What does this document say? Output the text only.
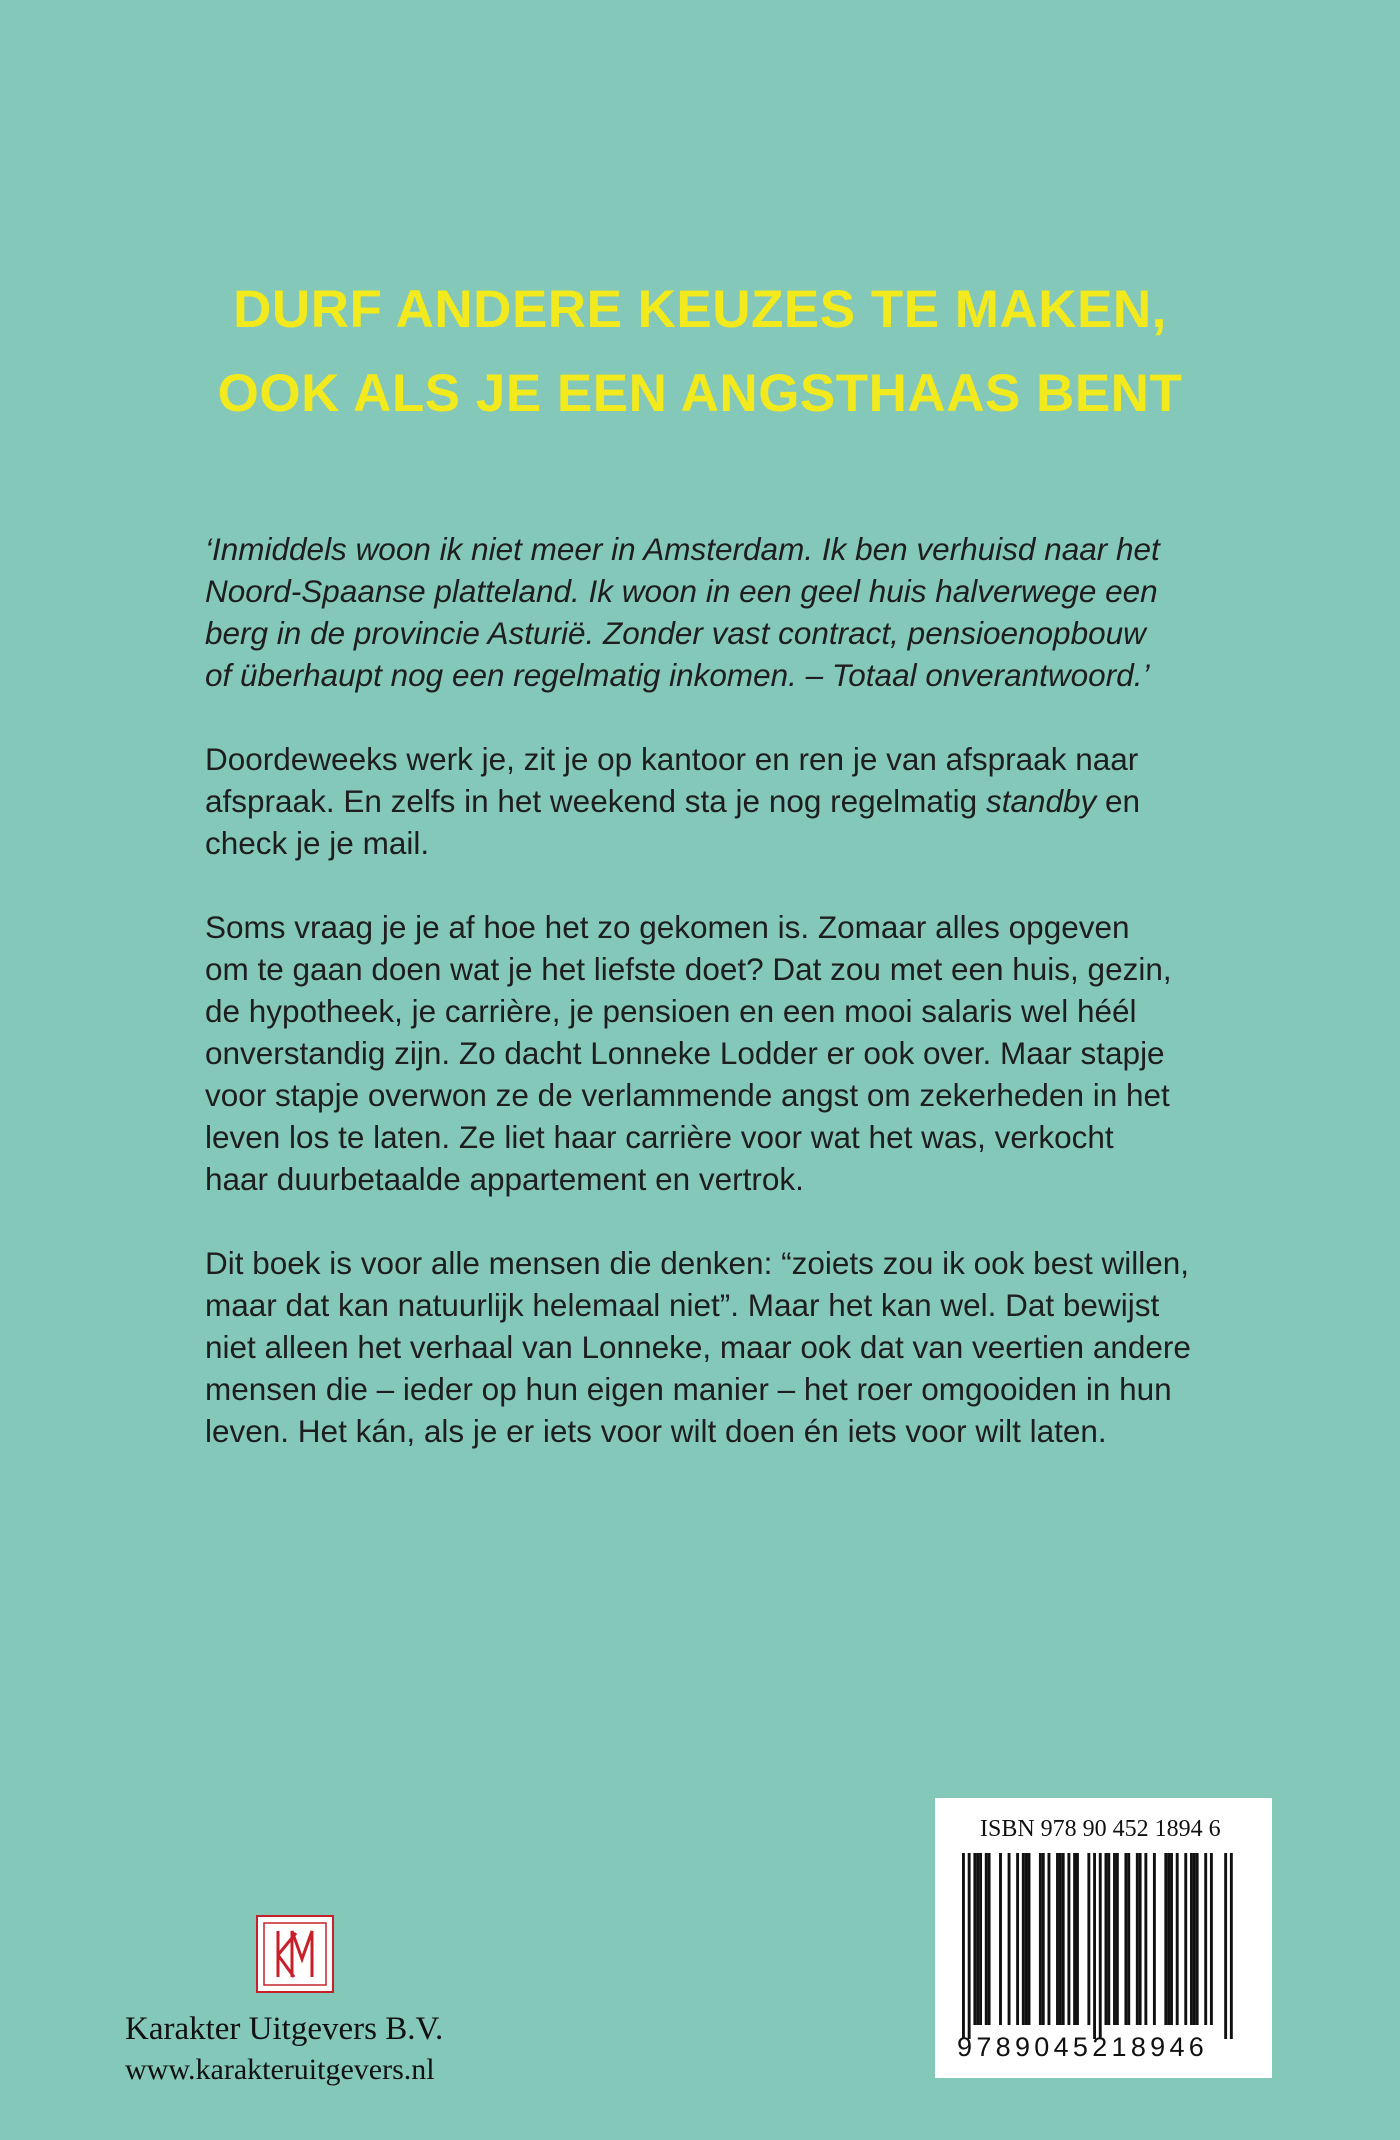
DURF ANDERE KEUZES TE MAKEN,
OOK ALS JE EEN ANGSTHAAS BENT

‘Inmiddels woon ik niet meer in Amsterdam. Ik ben verhuisd naar het
Noord-Spaanse platteland. Ik woon in een geel huis halverwege een
berg in de provincie Asturië. Zonder vast contract, pensioenopbouw
of überhaupt nog een regelmatig inkomen. – Totaal onverantwoord.’

Doordeweeks werk je, zit je op kantoor en ren je van afspraak naar
afspraak. En zelfs in het weekend sta je nog regelmatig standby en
check je je mail.

Soms vraag je je af hoe het zo gekomen is. Zomaar alles opgeven
om te gaan doen wat je het liefste doet? Dat zou met een huis, gezin,
de hypotheek, je carrière, je pensioen en een mooi salaris wel héél
onverstandig zijn. Zo dacht Lonneke Lodder er ook over. Maar stapje
voor stapje overwon ze de verlammende angst om zekerheden in het
leven los te laten. Ze liet haar carrière voor wat het was, verkocht
haar duurbetaalde appartement en vertrok.

Dit boek is voor alle mensen die denken: “zoiets zou ik ook best willen,
maar dat kan natuurlijk helemaal niet”. Maar het kan wel. Dat bewijst
niet alleen het verhaal van Lonneke, maar ook dat van veertien andere
mensen die – ieder op hun eigen manier – het roer omgooiden in hun
leven. Het kán, als je er iets voor wilt doen én iets voor wilt laten.

Karakter Uitgevers B.V.
www.karakteruitgevers.nl
ISBN 978 90 452 1894 6
9789045218946
